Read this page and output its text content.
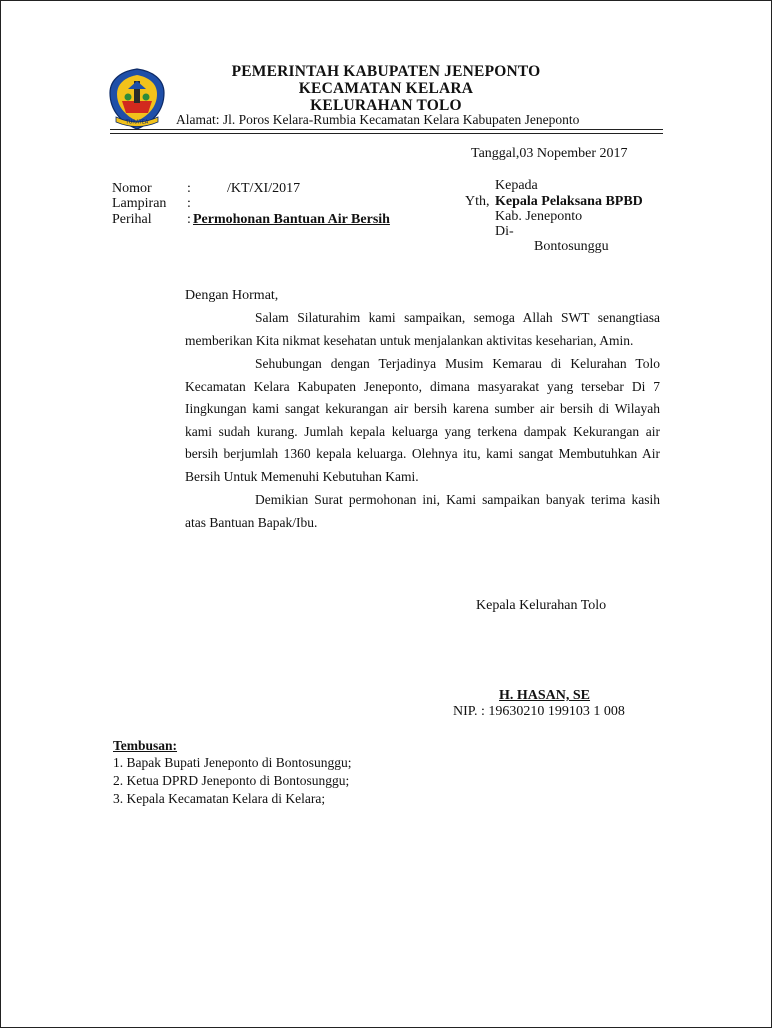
TURATEA
PEMERINTAH KABUPATEN JENEPONTO
KECAMATAN KELARA
KELURAHAN TOLO
Alamat: Jl. Poros Kelara-Rumbia Kecamatan Kelara Kabupaten Jeneponto
Tanggal,03 Nopember 2017
Nomor	:	/KT/XI/2017
Lampiran :
Perihal	: Permohonan Bantuan Air Bersih
Kepada
Yth, Kepala Pelaksana BPBD
Kab. Jeneponto
Di-
Bontosunggu
Dengan Hormat,

Salam Silaturahim kami sampaikan, semoga Allah SWT senangtiasa memberikan Kita nikmat kesehatan untuk menjalankan aktivitas keseharian, Amin.

Sehubungan dengan Terjadinya Musim Kemarau di Kelurahan Tolo Kecamatan Kelara Kabupaten Jeneponto, dimana masyarakat yang tersebar Di 7 Iingkungan kami sangat kekurangan air bersih karena sumber air bersih di Wilayah kami sudah kurang. Jumlah kepala keluarga yang terkena dampak Kekurangan air bersih berjumlah 1360 kepala keluarga. Olehnya itu, kami sangat Membutuhkan Air Bersih Untuk Memenuhi Kebutuhan Kami.

Demikian Surat permohonan ini, Kami sampaikan banyak terima kasih atas Bantuan Bapak/Ibu.

Kepala Kelurahan Tolo
H. HASAN, SE
NIP. : 19630210 199103 1 008
Tembusan:
1. Bapak Bupati Jeneponto di Bontosunggu;
2. Ketua DPRD Jeneponto di Bontosunggu;
3. Kepala Kecamatan Kelara di Kelara;
